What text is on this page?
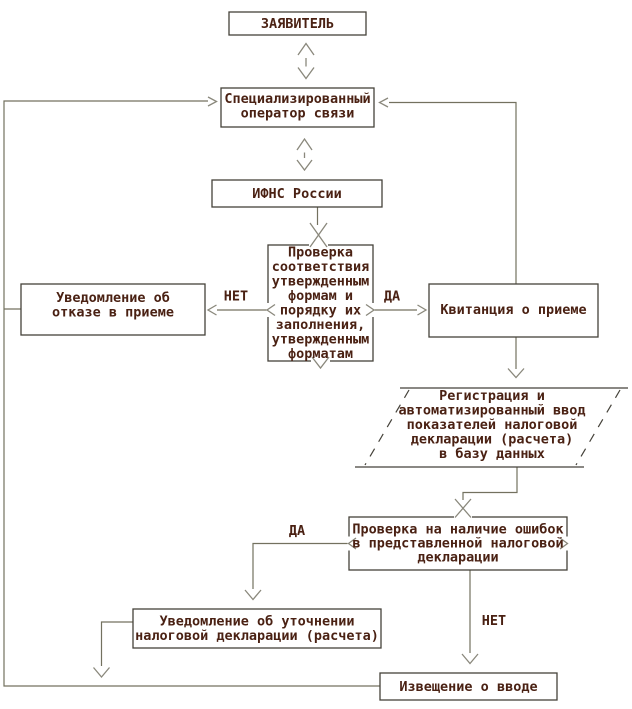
ЗАЯВИТЕЛЬ
Специализированный
оператор связи
ИФНС России
Проверка
соответствия
утвержденным
формам и
порядку их
заполнения,
утвержденным
форматам
Уведомление об
отказе в приеме	Квитанция о приеме
Регистрация и
автоматизированный ввод
показателей налоговой
декларации (расчета)
в базу данных
Проверка на наличие ошибок
в представленной налоговой
декларации
Уведомление об уточнении
налоговой декларации (расчета)
Извещение о вводе
НЕТ	ДА
ДА
НЕТ
